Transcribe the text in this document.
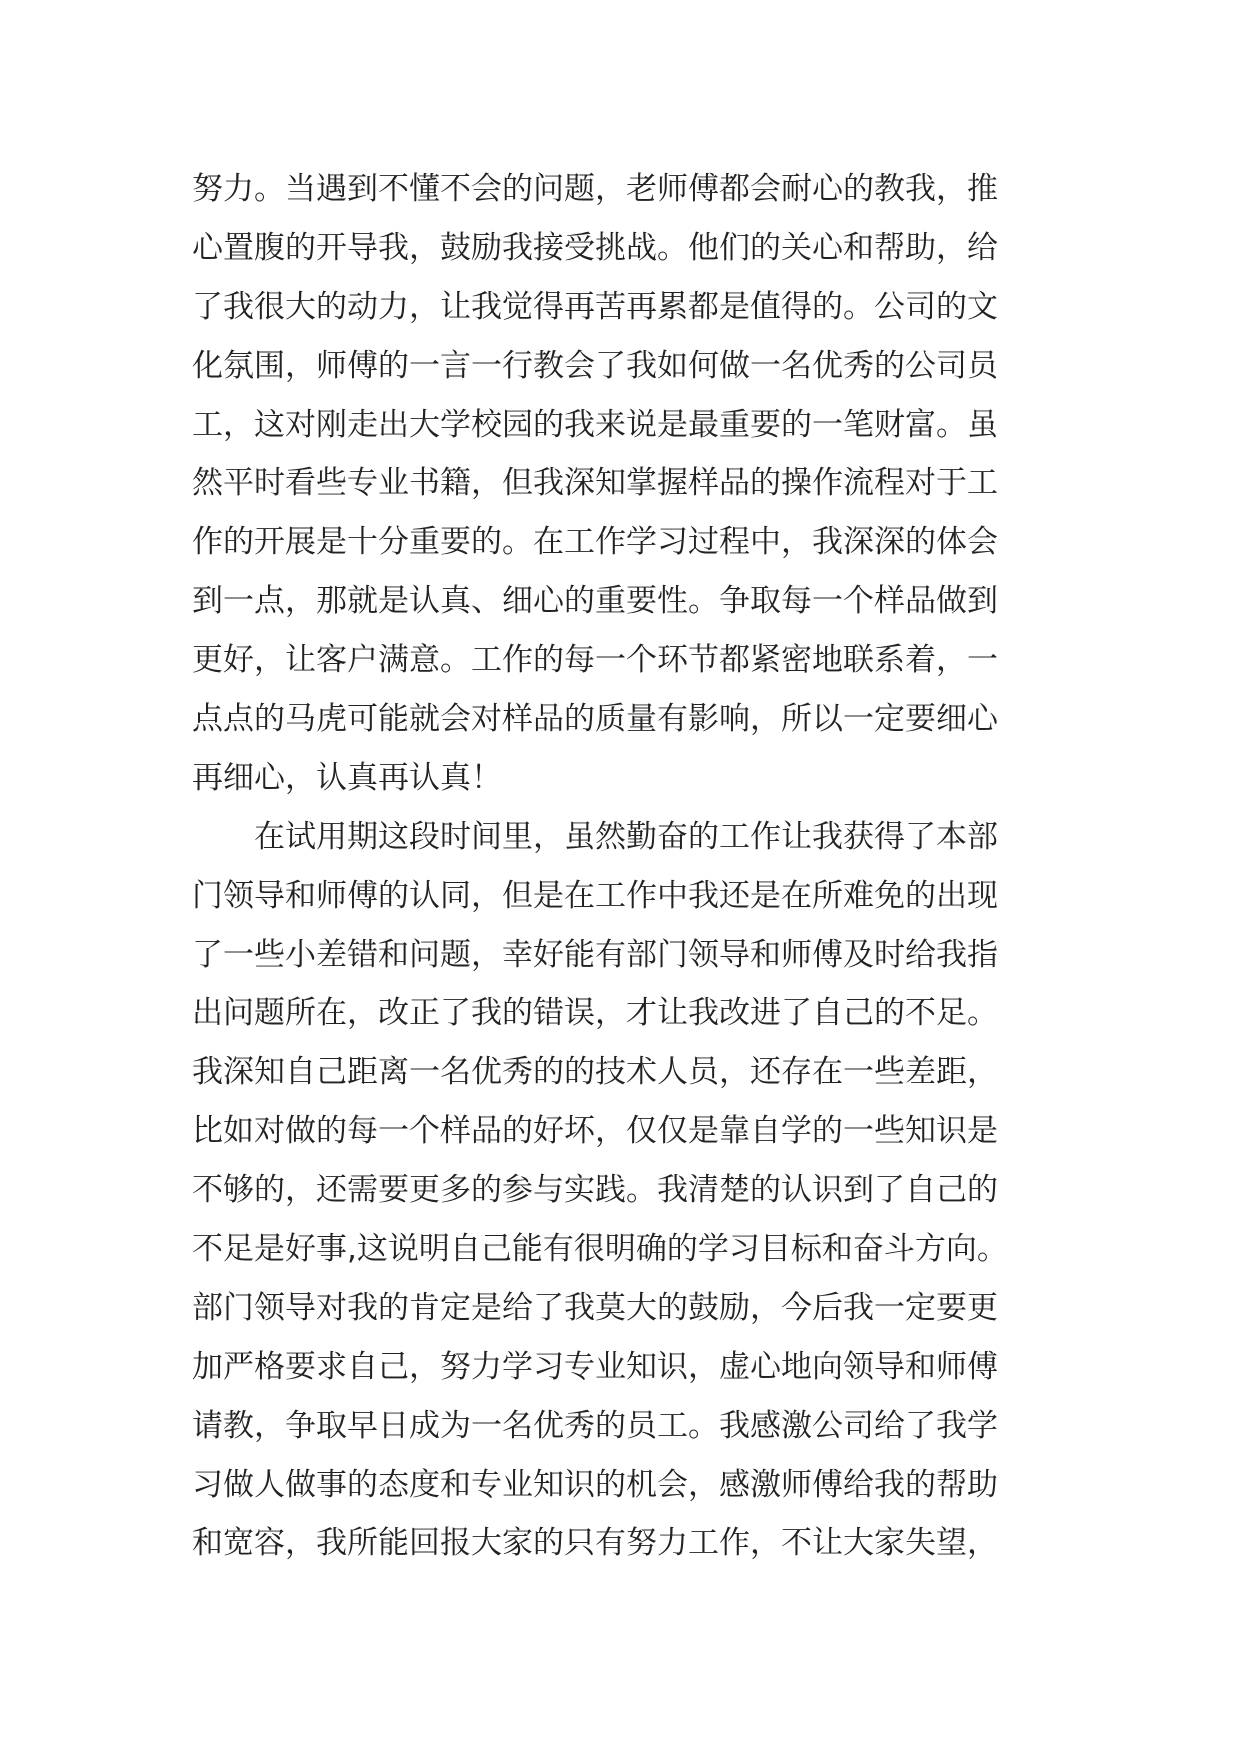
努力。当遇到不懂不会的问题，老师傅都会耐心的教我，推
心置腹的开导我，鼓励我接受挑战。他们的关心和帮助，给
了我很大的动力，让我觉得再苦再累都是值得的。公司的文
化氛围，师傅的一言一行教会了我如何做一名优秀的公司员
工，这对刚走出大学校园的我来说是最重要的一笔财富。虽
然平时看些专业书籍，但我深知掌握样品的操作流程对于工
作的开展是十分重要的。在工作学习过程中，我深深的体会
到一点，那就是认真、细心的重要性。争取每一个样品做到
更好，让客户满意。工作的每一个环节都紧密地联系着，一
点点的马虎可能就会对样品的质量有影响，所以一定要细心
再细心，认真再认真！
在试用期这段时间里，虽然勤奋的工作让我获得了本部
门领导和师傅的认同，但是在工作中我还是在所难免的出现
了一些小差错和问题，幸好能有部门领导和师傅及时给我指
出问题所在，改正了我的错误，才让我改进了自己的不足。
我深知自己距离一名优秀的的技术人员，还存在一些差距，
比如对做的每一个样品的好坏，仅仅是靠自学的一些知识是
不够的，还需要更多的参与实践。我清楚的认识到了自己的
不足是好事,这说明自己能有很明确的学习目标和奋斗方向。
部门领导对我的肯定是给了我莫大的鼓励，今后我一定要更
加严格要求自己，努力学习专业知识，虚心地向领导和师傅
请教，争取早日成为一名优秀的员工。我感激公司给了我学
习做人做事的态度和专业知识的机会，感激师傅给我的帮助
和宽容，我所能回报大家的只有努力工作，不让大家失望，
